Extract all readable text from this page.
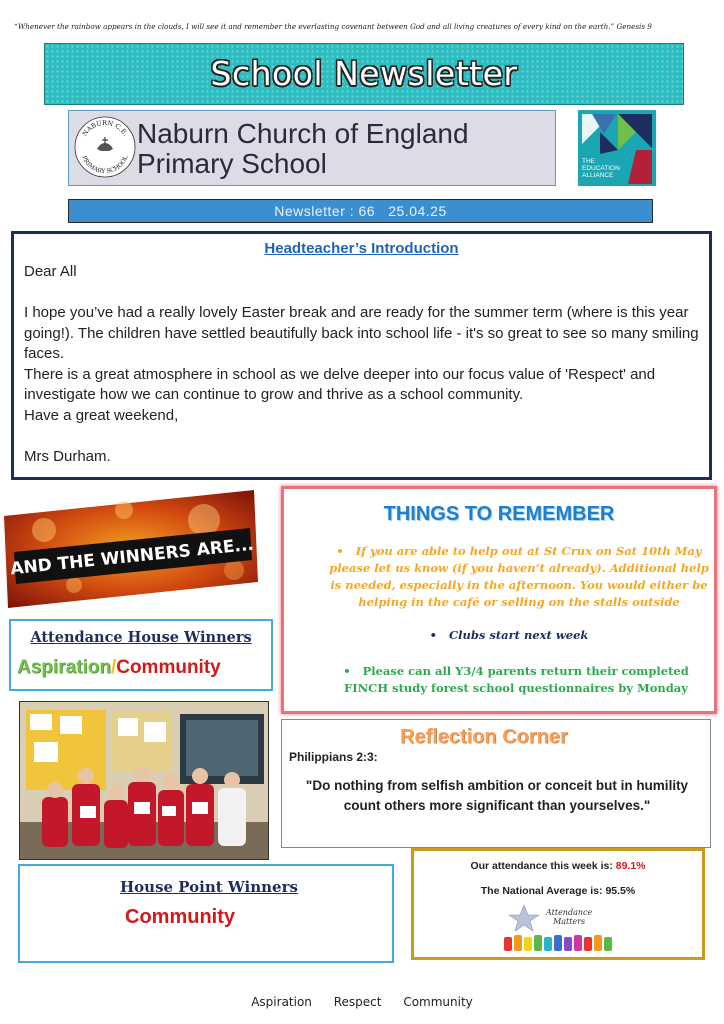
“Whenever the rainbow appears in the clouds, I will see it and remember the everlasting covenant between God and all living creatures of every kind on the earth.” Genesis 9
School Newsletter
NABURN C.E.
PRIMARY SCHOOL
Naburn Church of England
Primary School	THE
EDUCATION
ALLIANCE
Newsletter : 66   25.04.25
Headteacher’s Introduction

Dear All

I hope you’ve had a really lovely Easter break and are ready for the summer term (where is this year going!). The children have settled beautifully back into school life - it's so great to see so many smiling faces.

There is a great atmosphere in school as we delve deeper into our focus value of 'Respect' and investigate how we can continue to grow and thrive as a school community.

Have a great weekend,

Mrs Durham.

AND THE WINNERS ARE...
THINGS TO REMEMBER
• If you are able to help out at St Crux on Sat 10th May please let us know (if you haven’t already). Additional help is needed, especially in the afternoon. You would either be helping in the café or selling on the stalls outside
• Clubs start next week
• Please can all Y3/4 parents return their completed FINCH study forest school questionnaires by Monday
Attendance House Winners
Aspiration/Community
Reflection Corner
Philippians 2:3:
"Do nothing from selfish ambition or conceit but in humility count others more significant than yourselves."
House Point Winners
Community
Our attendance this week is: 89.1%
The National Average is: 95.5%
Attendance
Matters
Aspiration Respect Community
